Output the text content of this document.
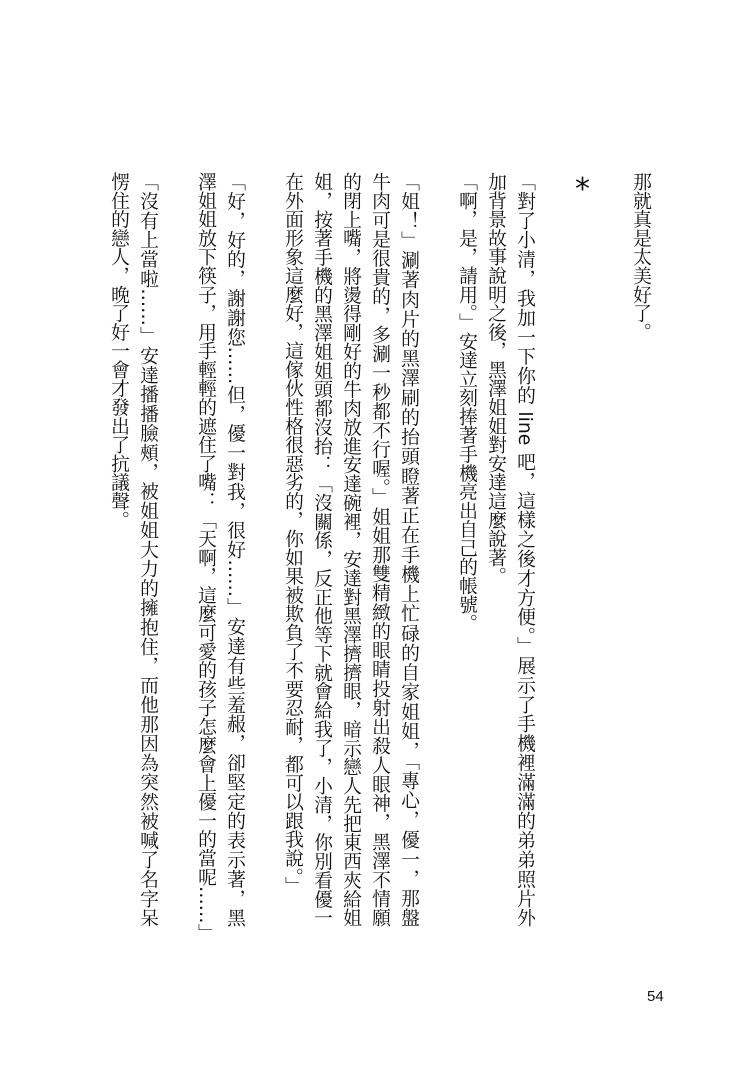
那就真是太美好了。

*

「對了小清，我加一下你的 line 吧，這樣之後才方便。」展示了手機裡滿滿的弟弟照片外
加背景故事說明之後，黑澤姐姐對安達這麼說著。

「啊，是，請用。」安達立刻捧著手機亮出自己的帳號。

「姐！」涮著肉片的黑澤刷的抬頭瞪著正在手機上忙碌的自家姐姐，「專心，優一，那盤
牛肉可是很貴的，多涮一秒都不行喔。」姐姐那雙精緻的眼睛投射出殺人眼神，黑澤不情願
的閉上嘴，將燙得剛好的牛肉放進安達碗裡，安達對黑澤擠擠眼，暗示戀人先把東西夾給姐
姐，按著手機的黑澤姐姐頭都沒抬：「沒關係，反正他等下就會給我了，小清，你別看優一
在外面形象這麼好，這傢伙性格很惡劣的，你如果被欺負了不要忍耐，都可以跟我說。」

「好，好的，謝謝您……但，優一對我，很好……」安達有些羞赧，卻堅定的表示著，黑
澤姐姐放下筷子，用手輕輕的遮住了嘴：「天啊，這麼可愛的孩子怎麼會上優一的當呢……」

「沒有上當啦……」安達播播臉頰，被姐姐大力的擁抱住，而他那因為突然被喊了名字呆
愣住的戀人，晚了好一會才發出了抗議聲。

54
